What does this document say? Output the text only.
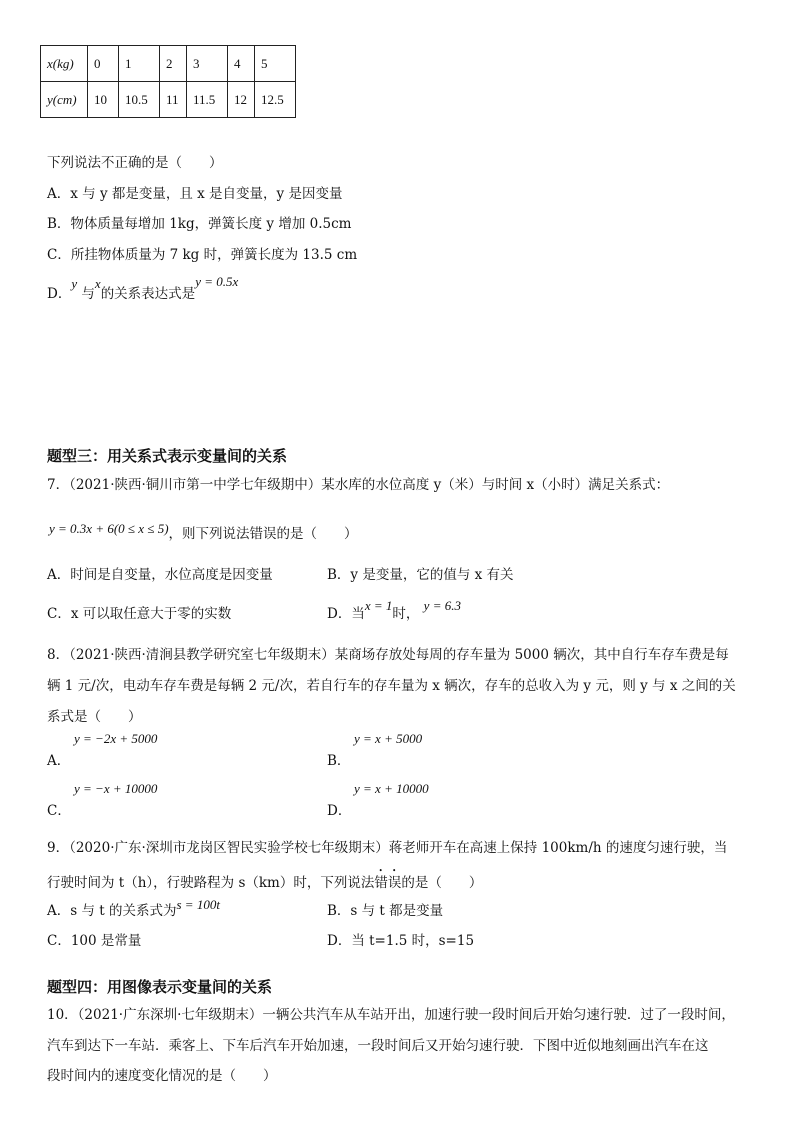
x(kg)	0	1	2	3	4	5
y(cm)	10	10.5	11	11.5	12	12.5
下列说法不正确的是（　　）
A．x 与 y 都是变量，且 x 是自变量，y 是因变量
B．物体质量每增加 1kg，弹簧长度 y 增加 0.5cm
C．所挂物体质量为 7 kg 时，弹簧长度为 13.5 cm
D．y 与x的关系表达式是y = 0.5x
题型三：用关系式表示变量间的关系
7．（2021·陕西·铜川市第一中学七年级期中）某水库的水位高度 y（米）与时间 x（小时）满足关系式：
y = 0.3x + 6(0 ≤ x ≤ 5)，则下列说法错误的是（　　）
A．时间是自变量，水位高度是因变量	B．y 是变量，它的值与 x 有关
C．x 可以取任意大于零的实数	D．当x = 1时， y = 6.3
8．（2021·陕西·清涧县教学研究室七年级期末）某商场存放处每周的存车量为 5000 辆次，其中自行车存车费是每
辆 1 元/次，电动车存车费是每辆 2 元/次，若自行车的存车量为 x 辆次，存车的总收入为 y 元，则 y 与 x 之间的关
系式是（　　）
A．
y = −2x + 5000
B．
y = x + 5000
C．
y = −x + 10000
D．
y = x + 10000
9．（2020·广东·深圳市龙岗区智民实验学校七年级期末）蒋老师开车在高速上保持 100km/h 的速度匀速行驶，当
行驶时间为 t（h），行驶路程为 s（km）时，下列说法错误的是（　　）
A．s 与 t 的关系式为s = 100t	B．s 与 t 都是变量
C．100 是常量	D．当 t=1.5 时，s=15
题型四：用图像表示变量间的关系
10．（2021·广东深圳·七年级期末）一辆公共汽车从车站开出，加速行驶一段时间后开始匀速行驶．过了一段时间，
汽车到达下一车站．乘客上、下车后汽车开始加速，一段时间后又开始匀速行驶．下图中近似地刻画出汽车在这
段时间内的速度变化情况的是（　　）
